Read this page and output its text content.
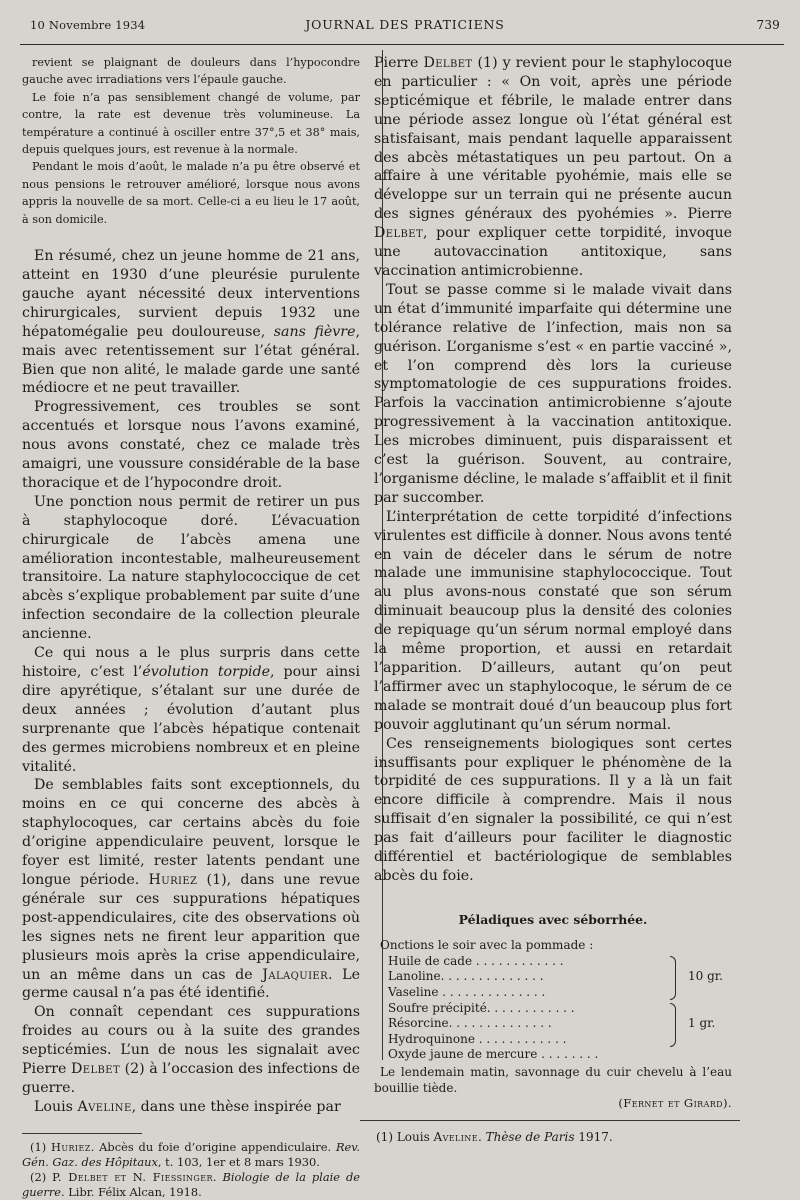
10 Novembre 1934	JOURNAL DES PRATICIENS	739

revient se plaignant de douleurs dans l’hypocondre gauche avec irradiations vers l’épaule gauche.

Le foie n’a pas sensiblement changé de volume, par contre, la rate est devenue très volumineuse. La température a continué à osciller entre 37°,5 et 38° mais, depuis quelques jours, est revenue à la normale.

Pendant le mois d’août, le malade n’a pu être observé et nous pensions le retrouver amélioré, lorsque nous avons appris la nouvelle de sa mort. Celle-ci a eu lieu le 17 août, à son domicile.

En résumé, chez un jeune homme de 21 ans, atteint en 1930 d’une pleurésie purulente gauche ayant nécessité deux interventions chirurgicales, survient depuis 1932 une hépatomégalie peu douloureuse, sans fièvre, mais avec retentissement sur l’état général. Bien que non alité, le malade garde une santé médiocre et ne peut travailler.

Progressivement, ces troubles se sont accentués et lorsque nous l’avons examiné, nous avons constaté, chez ce malade très amaigri, une voussure considérable de la base thoracique et de l’hypocondre droit.

Une ponction nous permit de retirer un pus à staphylocoque doré. L’évacuation chirurgicale de l’abcès amena une amélioration incontestable, malheureusement transitoire. La nature staphylococcique de cet abcès s’explique probablement par suite d’une infection secondaire de la collection pleurale ancienne.

Ce qui nous a le plus surpris dans cette histoire, c’est l’évolution torpide, pour ainsi dire apyrétique, s’étalant sur une durée de deux années ; évolution d’autant plus surprenante que l’abcès hépatique contenait des germes microbiens nombreux et en pleine vitalité.

De semblables faits sont exceptionnels, du moins en ce qui concerne des abcès à staphylocoques, car certains abcès du foie d’origine appendiculaire peuvent, lorsque le foyer est limité, rester latents pendant une longue période. Huriez (1), dans une revue générale sur ces suppurations hépatiques post-appendiculaires, cite des observations où les signes nets ne firent leur apparition que plusieurs mois après la crise appendiculaire, un an même dans un cas de Jalaquier. Le germe causal n’a pas été identifié.

On connaît cependant ces suppurations froides au cours ou à la suite des grandes septicémies. L’un de nous les signalait avec Pierre Delbet (2) à l’occasion des infections de guerre.

Louis Aveline, dans une thèse inspirée par

(1) Huriez. Abcès du foie d’origine appendiculaire. Rev. Gén. Gaz. des Hôpitaux, t. 103, 1er et 8 mars 1930.

(2) P. Delbet et N. Fiessinger. Biologie de la plaie de guerre. Libr. Félix Alcan, 1918.

Pierre Delbet (1) y revient pour le staphylocoque en particulier : « On voit, après une période septicémique et fébrile, le malade entrer dans une période assez longue où l’état général est satisfaisant, mais pendant laquelle apparaissent des abcès métastatiques un peu partout. On a affaire à une véritable pyohémie, mais elle se développe sur un terrain qui ne présente aucun des signes généraux des pyohémies ». Pierre Delbet, pour expliquer cette torpidité, invoque une autovaccination antitoxique, sans vaccination antimicrobienne.

Tout se passe comme si le malade vivait dans un état d’immunité imparfaite qui détermine une tolérance relative de l’infection, mais non sa guérison. L’organisme s’est « en partie vacciné », et l’on comprend dès lors la curieuse symptomatologie de ces suppurations froides. Parfois la vaccination antimicrobienne s’ajoute progressivement à la vaccination antitoxique. Les microbes diminuent, puis disparaissent et c’est la guérison. Souvent, au contraire, l’organisme décline, le malade s’affaiblit et il finit par succomber.

L’interprétation de cette torpidité d’infections virulentes est difficile à donner. Nous avons tenté en vain de déceler dans le sérum de notre malade une immunisine staphylococcique. Tout au plus avons-nous constaté que son sérum diminuait beaucoup plus la densité des colonies de repiquage qu’un sérum normal employé dans la même proportion, et aussi en retardait l’apparition. D’ailleurs, autant qu’on peut l’affirmer avec un staphylocoque, le sérum de ce malade se montrait doué d’un beaucoup plus fort pouvoir agglutinant qu’un sérum normal.

Ces renseignements biologiques sont certes insuffisants pour expliquer le phénomène de la torpidité de ces suppurations. Il y a là un fait encore difficile à comprendre. Mais il nous suffisait d’en signaler la possibilité, ce qui n’est pas fait d’ailleurs pour faciliter le diagnostic différentiel et bactériologique de semblables abcès du foie.

Péladiques avec séborrhée.
Onctions le soir avec la pommade :
Huile de cade . . . . . . . . . . . .
Lanoline. . . . . . . . . . . . . .
Vaseline . . . . . . . . . . . . . .
Soufre précipité. . . . . . . . . . . .
Résorcine. . . . . . . . . . . . . .
Hydroquinone . . . . . . . . . . . .
Oxyde jaune de mercure . . . . . . . .
10 gr.
1 gr.

Le lendemain matin, savonnage du cuir chevelu à l’eau bouillie tiède.

(Fernet et Girard).
(1) Louis Aveline. Thèse de Paris 1917.
